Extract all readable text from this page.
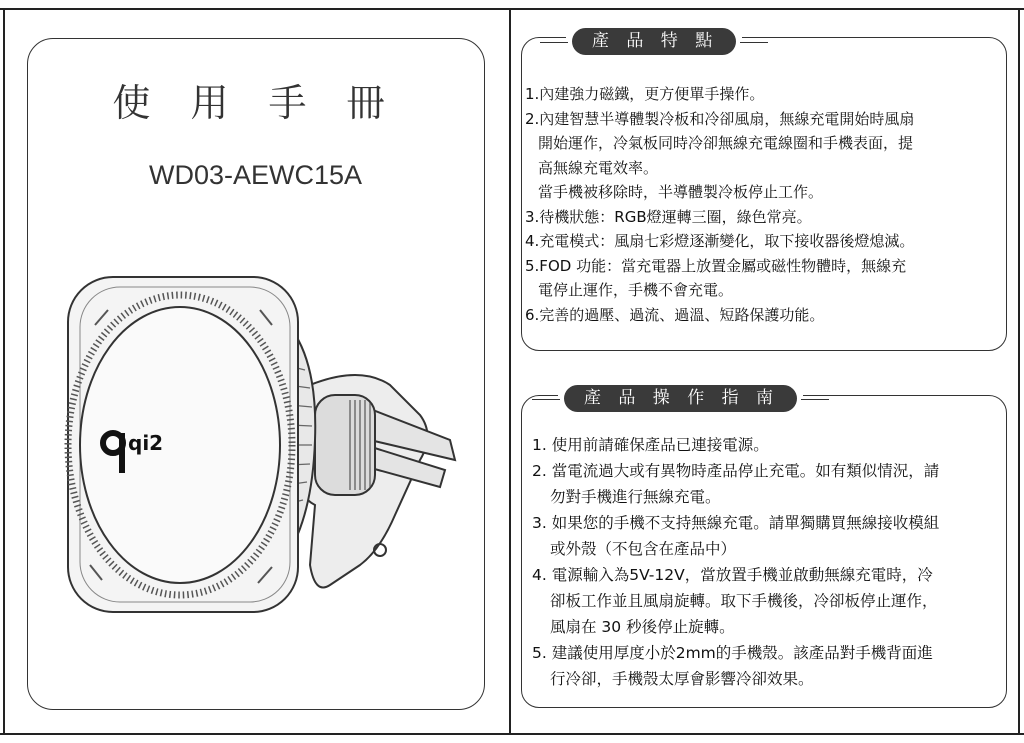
使 用 手 冊
WD03-AEWC15A
qi2
產 品 特 點

1.內建強力磁鐵，更方便單手操作。

2.內建智慧半導體製冷板和冷卻風扇，無線充電開始時風扇

開始運作，冷氣板同時冷卻無線充電線圈和手機表面，提

高無線充電效率。

當手機被移除時，半導體製冷板停止工作。

3.待機狀態：RGB燈運轉三圈，綠色常亮。

4.充電模式：風扇七彩燈逐漸變化，取下接收器後燈熄滅。

5.FOD 功能：當充電器上放置金屬或磁性物體時，無線充

電停止運作，手機不會充電。

6.完善的過壓、過流、過溫、短路保護功能。

產 品 操 作 指 南

1. 使用前請確保產品已連接電源。

2. 當電流過大或有異物時產品停止充電。如有類似情況，請

勿對手機進行無線充電。

3. 如果您的手機不支持無線充電。請單獨購買無線接收模組

或外殼（不包含在產品中）

4. 電源輸入為5V-12V，當放置手機並啟動無線充電時，冷

卻板工作並且風扇旋轉。取下手機後，冷卻板停止運作，

風扇在 30 秒後停止旋轉。

5. 建議使用厚度小於2mm的手機殼。該產品對手機背面進

行冷卻，手機殼太厚會影響冷卻效果。
